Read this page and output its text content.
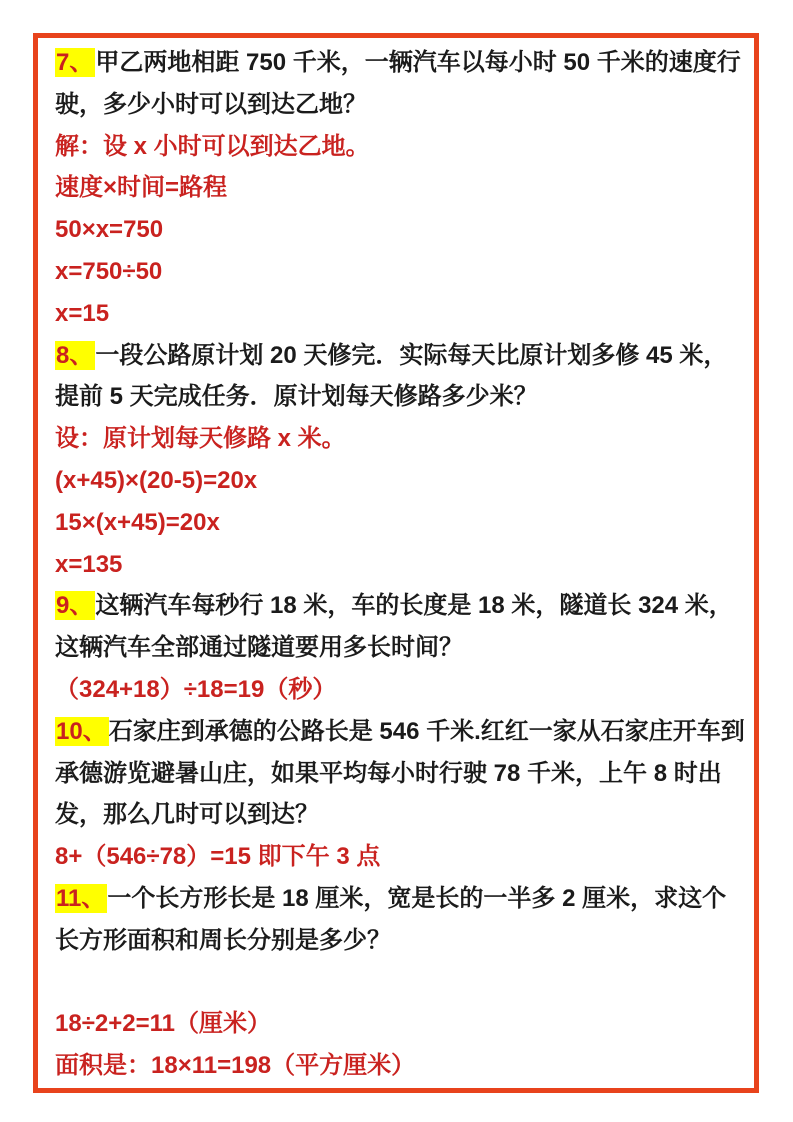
7、甲乙两地相距 750 千米，一辆汽车以每小时 50 千米的速度行驶，多少小时可以到达乙地？

解：设 x 小时可以到达乙地。

速度×时间=路程

50×x=750

x=750÷50

x=15

8、一段公路原计划 20 天修完．实际每天比原计划多修 45 米，提前 5 天完成任务．原计划每天修路多少米？

设：原计划每天修路 x 米。

(x+45)×(20-5)=20x

15×(x+45)=20x

x=135

9、这辆汽车每秒行 18 米，车的长度是 18 米，隧道长 324 米，这辆汽车全部通过隧道要用多长时间？

（324+18）÷18=19（秒）

10、石家庄到承德的公路长是 546 千米.红红一家从石家庄开车到承德游览避暑山庄，如果平均每小时行驶 78 千米，上午 8 时出发，那么几时可以到达？

8+（546÷78）=15 即下午 3 点

11、一个长方形长是 18 厘米，宽是长的一半多 2 厘米，求这个长方形面积和周长分别是多少？

18÷2+2=11（厘米）

面积是：18×11=198（平方厘米）
